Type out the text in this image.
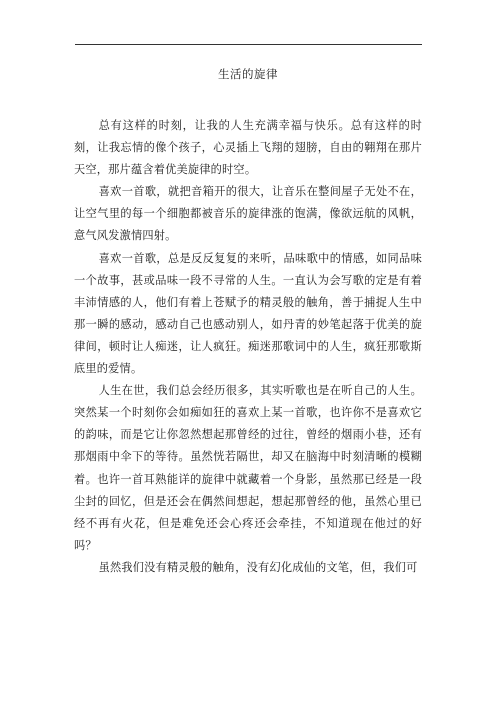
生活的旋律

总有这样的时刻，让我的人生充满幸福与快乐。总有这样的时刻，让我忘情的像个孩子，心灵插上飞翔的翅膀，自由的翱翔在那片天空，那片蕴含着优美旋律的时空。

喜欢一首歌，就把音箱开的很大，让音乐在整间屋子无处不在，让空气里的每一个细胞都被音乐的旋律涨的饱满，像欲远航的风帆，意气风发激情四射。

喜欢一首歌，总是反反复复的来听，品味歌中的情感，如同品味一个故事，甚或品味一段不寻常的人生。一直认为会写歌的定是有着丰沛情感的人，他们有着上苍赋予的精灵般的触角，善于捕捉人生中那一瞬的感动，感动自己也感动别人，如丹青的妙笔起落于优美的旋律间，顿时让人痴迷，让人疯狂。痴迷那歌词中的人生，疯狂那歌斯底里的爱情。

人生在世，我们总会经历很多，其实听歌也是在听自己的人生。突然某一个时刻你会如痴如狂的喜欢上某一首歌，也许你不是喜欢它的韵味，而是它让你忽然想起那曾经的过往，曾经的烟雨小巷，还有那烟雨中伞下的等待。虽然恍若隔世，却又在脑海中时刻清晰的模糊着。也许一首耳熟能详的旋律中就藏着一个身影，虽然那已经是一段尘封的回忆，但是还会在偶然间想起，想起那曾经的他，虽然心里已经不再有火花，但是难免还会心疼还会牵挂，不知道现在他过的好吗？

虽然我们没有精灵般的触角，没有幻化成仙的文笔，但，我们可
